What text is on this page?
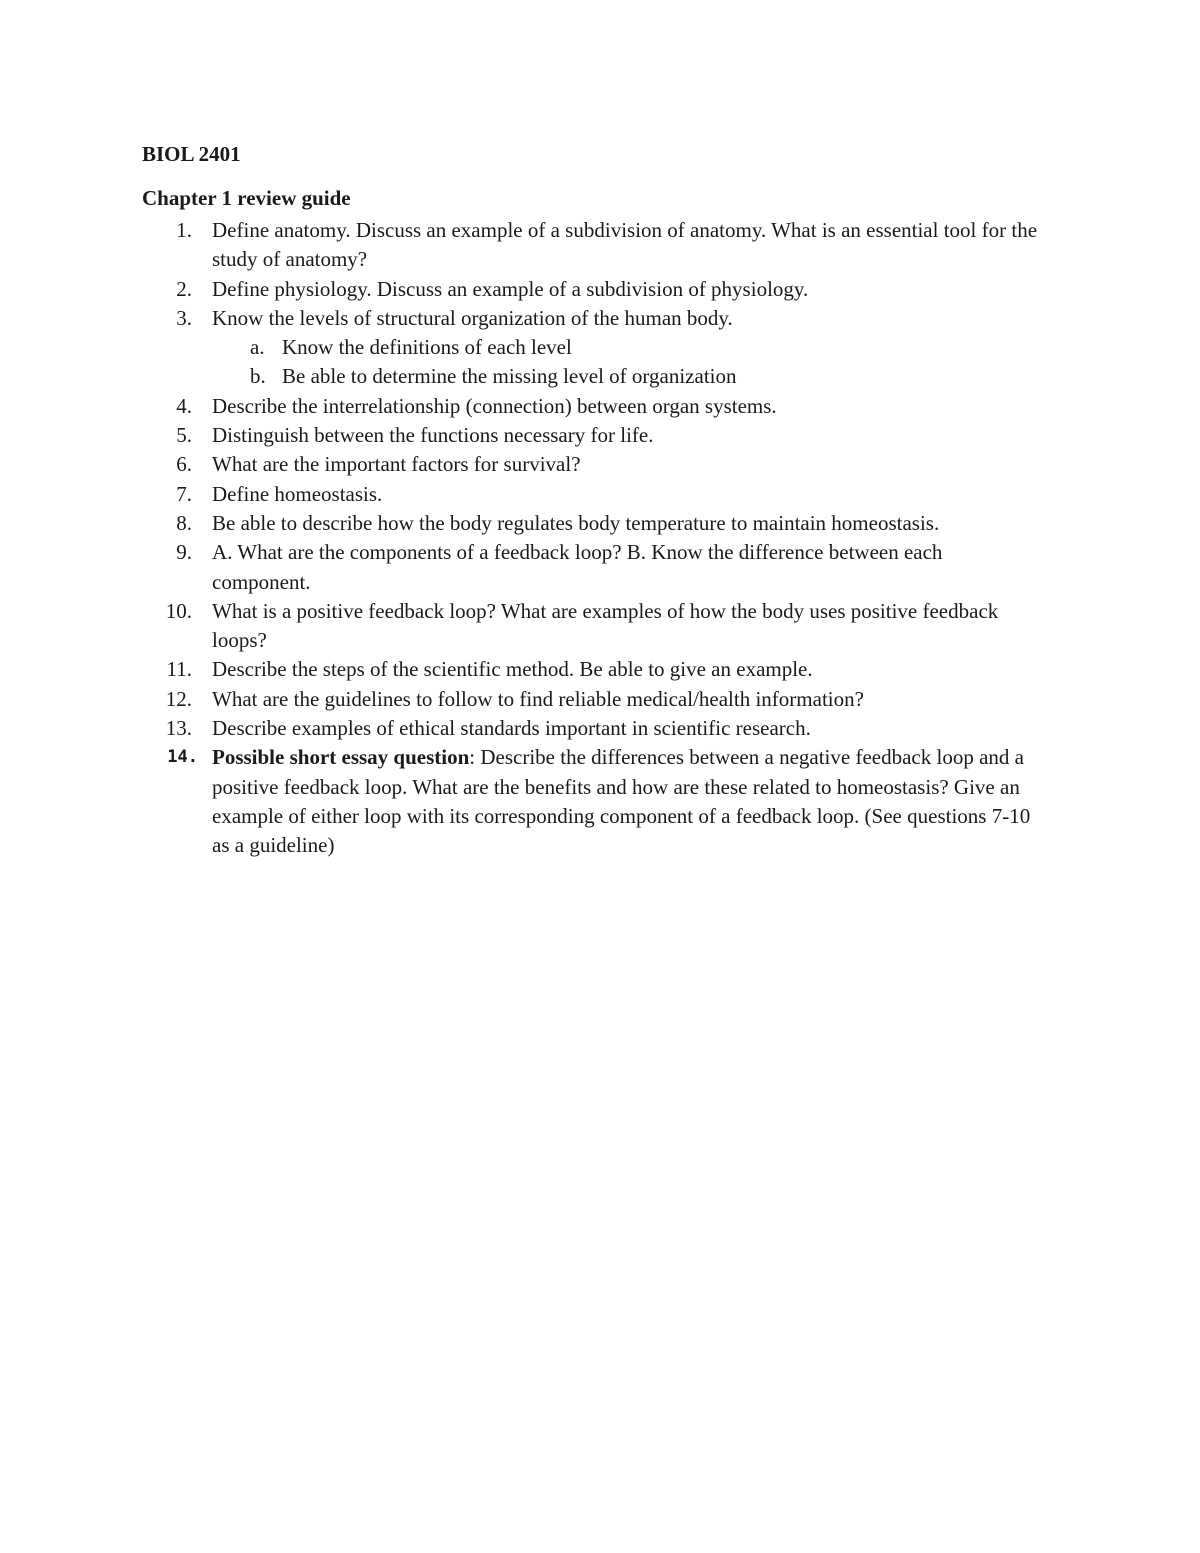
BIOL 2401
Chapter 1 review guide
1. Define anatomy. Discuss an example of a subdivision of anatomy. What is an essential tool for the study of anatomy?
2. Define physiology. Discuss an example of a subdivision of physiology.
3. Know the levels of structural organization of the human body.
a. Know the definitions of each level
b. Be able to determine the missing level of organization
4. Describe the interrelationship (connection) between organ systems.
5. Distinguish between the functions necessary for life.
6. What are the important factors for survival?
7. Define homeostasis.
8. Be able to describe how the body regulates body temperature to maintain homeostasis.
9. A. What are the components of a feedback loop? B. Know the difference between each component.
10. What is a positive feedback loop? What are examples of how the body uses positive feedback loops?
11. Describe the steps of the scientific method. Be able to give an example.
12. What are the guidelines to follow to find reliable medical/health information?
13. Describe examples of ethical standards important in scientific research.
14. Possible short essay question: Describe the differences between a negative feedback loop and a positive feedback loop. What are the benefits and how are these related to homeostasis? Give an example of either loop with its corresponding component of a feedback loop. (See questions 7-10 as a guideline)
